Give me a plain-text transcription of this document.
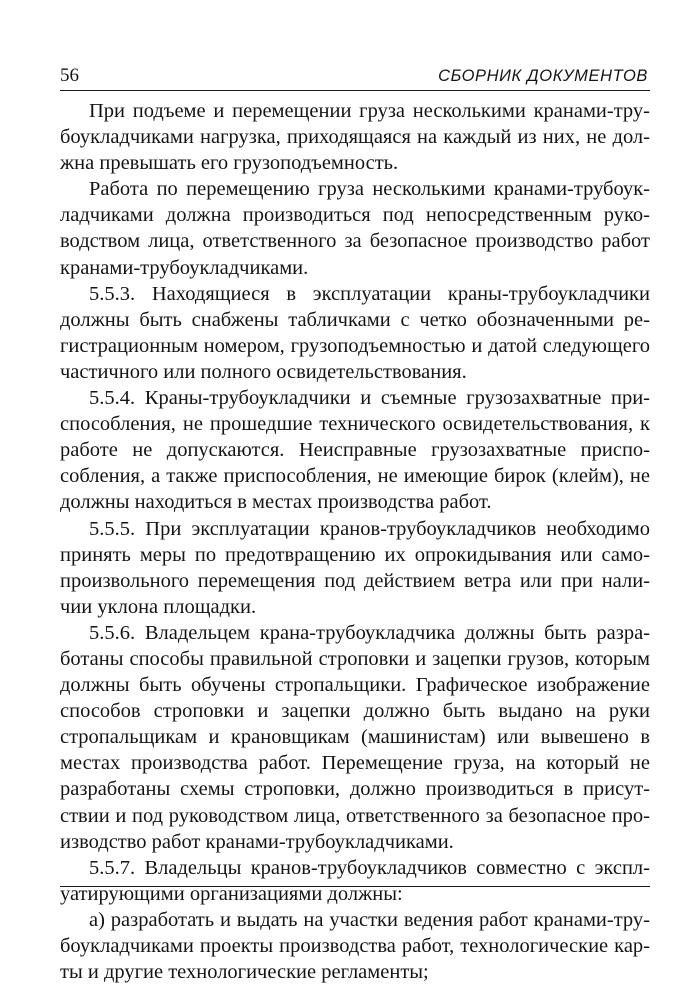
56	СБОРНИК ДОКУМЕНТОВ

При подъеме и перемещении груза несколькими кранами-трубоукладчиками нагрузка, приходящаяся на каждый из них, не должна превышать его грузоподъемность.

Работа по перемещению груза несколькими кранами-трубоукладчиками должна производиться под непосредственным руководством лица, ответственного за безопасное производство работ кранами-трубоукладчиками.

5.5.3. Находящиеся в эксплуатации краны-трубоукладчики должны быть снабжены табличками с четко обозначенными регистрационным номером, грузоподъемностью и датой следующего частичного или полного освидетельствования.

5.5.4. Краны-трубоукладчики и съемные грузозахватные приспособления, не прошедшие технического освидетельствования, к работе не допускаются. Неисправные грузозахватные приспособления, а также приспособления, не имеющие бирок (клейм), не должны находиться в местах производства работ.

5.5.5. При эксплуатации кранов-трубоукладчиков необходимо принять меры по предотвращению их опрокидывания или самопроизвольного перемещения под действием ветра или при наличии уклона площадки.

5.5.6. Владельцем крана-трубоукладчика должны быть разработаны способы правильной строповки и зацепки грузов, которым должны быть обучены стропальщики. Графическое изображение способов строповки и зацепки должно быть выдано на руки стропальщикам и крановщикам (машинистам) или вывешено в местах производства работ. Перемещение груза, на который не разработаны схемы строповки, должно производиться в присутствии и под руководством лица, ответственного за безопасное производство работ кранами-трубоукладчиками.

5.5.7. Владельцы кранов-трубоукладчиков совместно с эксплуатирующими организациями должны:

а) разработать и выдать на участки ведения работ кранами-трубоукладчиками проекты производства работ, технологические карты и другие технологические регламенты;
